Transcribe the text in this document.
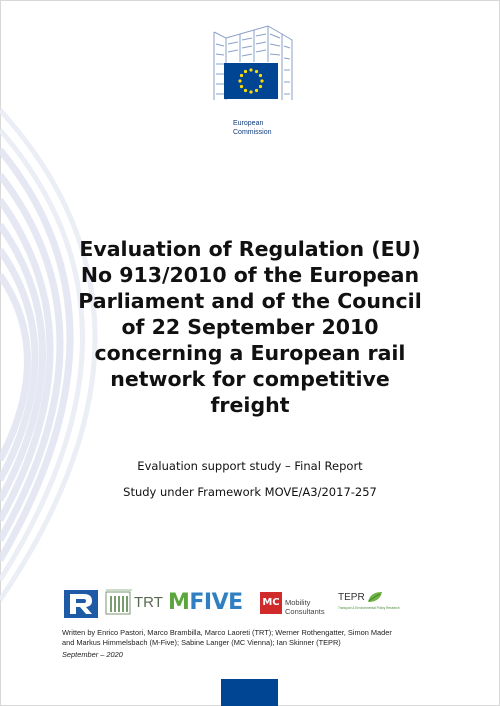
European
Commission
Evaluation of Regulation (EU)
No 913/2010 of the European
Parliament and of the Council
of 22 September 2010
concerning a European rail
network for competitive
freight
Evaluation support study – Final Report
Study under Framework MOVE/A3/2017-257
TRT MFIVE MC Mobility
Consultants
TEPR
Transport & Environmental Policy Research
Written by Enrico Pastori, Marco Brambilla, Marco Laoreti (TRT); Werner Rothengatter, Simon Mader
and Markus Himmelsbach (M-Five); Sabine Langer (MC Vienna); Ian Skinner (TEPR)
September – 2020
